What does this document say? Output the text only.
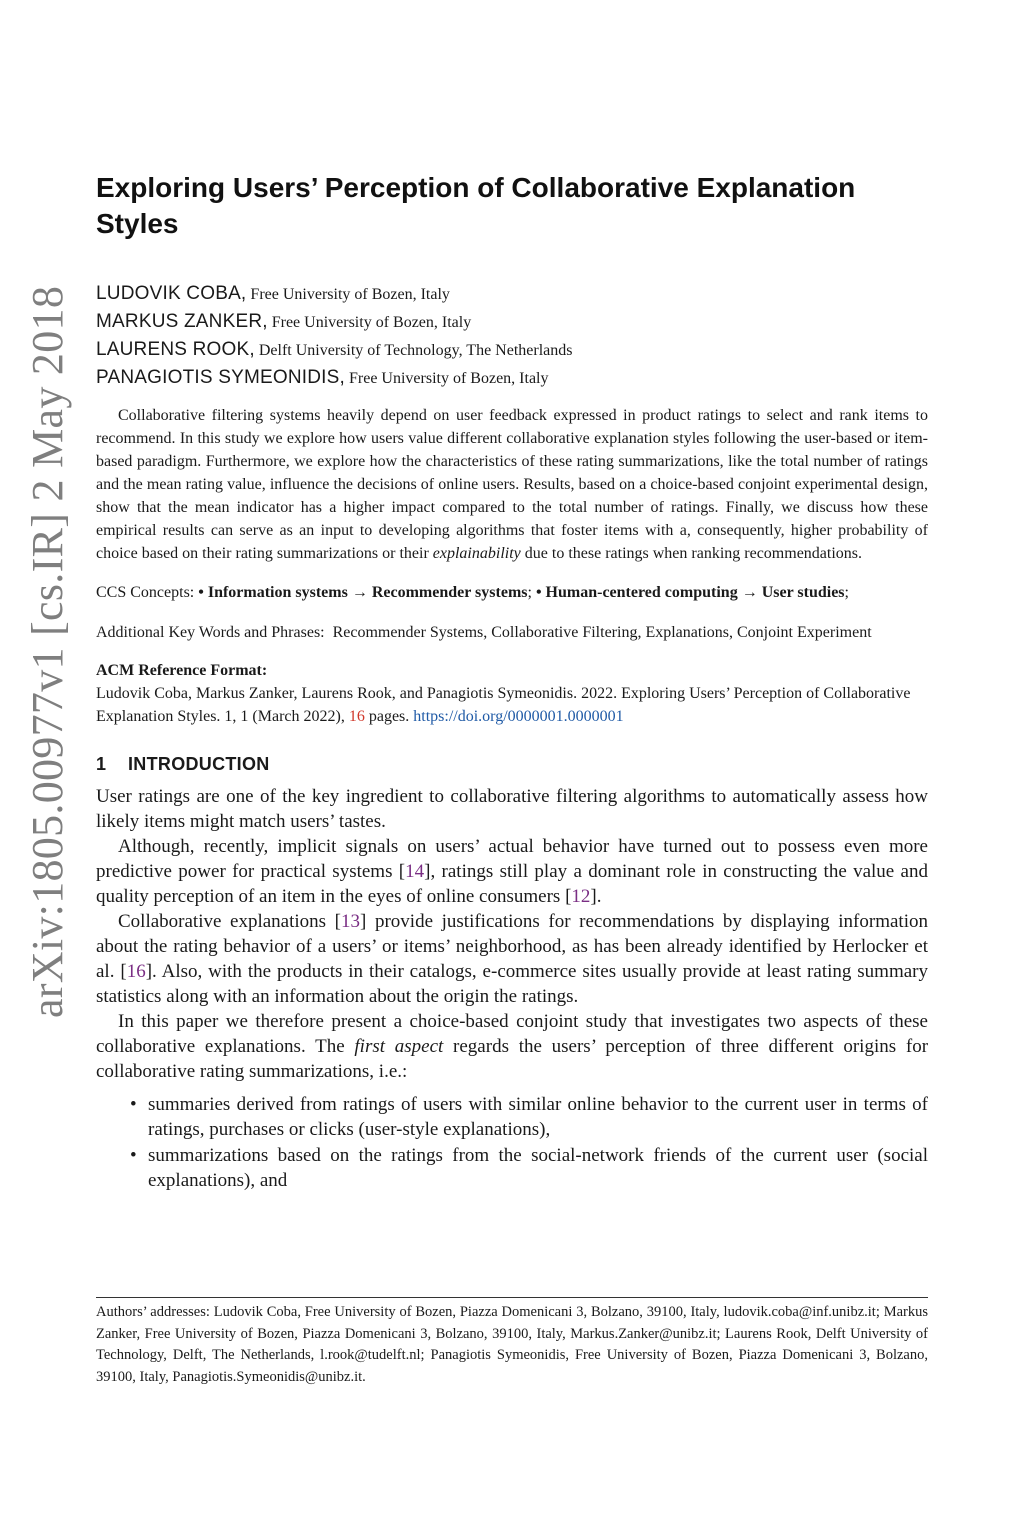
arXiv:1805.00977v1 [cs.IR] 2 May 2018
Exploring Users’ Perception of Collaborative Explanation Styles
LUDOVIK COBA, Free University of Bozen, Italy
MARKUS ZANKER, Free University of Bozen, Italy
LAURENS ROOK, Delft University of Technology, The Netherlands
PANAGIOTIS SYMEONIDIS, Free University of Bozen, Italy

Collaborative filtering systems heavily depend on user feedback expressed in product ratings to select and rank items to recommend. In this study we explore how users value different collaborative explanation styles following the user-based or item-based paradigm. Furthermore, we explore how the characteristics of these rating summarizations, like the total number of ratings and the mean rating value, influence the decisions of online users. Results, based on a choice-based conjoint experimental design, show that the mean indicator has a higher impact compared to the total number of ratings. Finally, we discuss how these empirical results can serve as an input to developing algorithms that foster items with a, consequently, higher probability of choice based on their rating summarizations or their explainability due to these ratings when ranking recommendations.

CCS Concepts: • Information systems → Recommender systems; • Human-centered computing → User studies;
Additional Key Words and Phrases: Recommender Systems, Collaborative Filtering, Explanations, Conjoint Experiment
ACM Reference Format:
Ludovik Coba, Markus Zanker, Laurens Rook, and Panagiotis Symeonidis. 2022. Exploring Users’ Perception of Collaborative Explanation Styles. 1, 1 (March 2022), 16 pages. https://doi.org/0000001.0000001
1 INTRODUCTION

User ratings are one of the key ingredient to collaborative filtering algorithms to automatically assess how likely items might match users’ tastes.

Although, recently, implicit signals on users’ actual behavior have turned out to possess even more predictive power for practical systems [14], ratings still play a dominant role in constructing the value and quality perception of an item in the eyes of online consumers [12].

Collaborative explanations [13] provide justifications for recommendations by displaying information about the rating behavior of a users’ or items’ neighborhood, as has been already identified by Herlocker et al. [16]. Also, with the products in their catalogs, e-commerce sites usually provide at least rating summary statistics along with an information about the origin the ratings.

In this paper we therefore present a choice-based conjoint study that investigates two aspects of these collaborative explanations. The first aspect regards the users’ perception of three different origins for collaborative rating summarizations, i.e.:

• summaries derived from ratings of users with similar online behavior to the current user in terms of ratings, purchases or clicks (user-style explanations),
• summarizations based on the ratings from the social-network friends of the current user (social explanations), and
Authors’ addresses: Ludovik Coba, Free University of Bozen, Piazza Domenicani 3, Bolzano, 39100, Italy, ludovik.coba@inf.unibz.it; Markus Zanker, Free University of Bozen, Piazza Domenicani 3, Bolzano, 39100, Italy, Markus.Zanker@unibz.it; Laurens Rook, Delft University of Technology, Delft, The Netherlands, l.rook@tudelft.nl; Panagiotis Symeonidis, Free University of Bozen, Piazza Domenicani 3, Bolzano, 39100, Italy, Panagiotis.Symeonidis@unibz.it.
